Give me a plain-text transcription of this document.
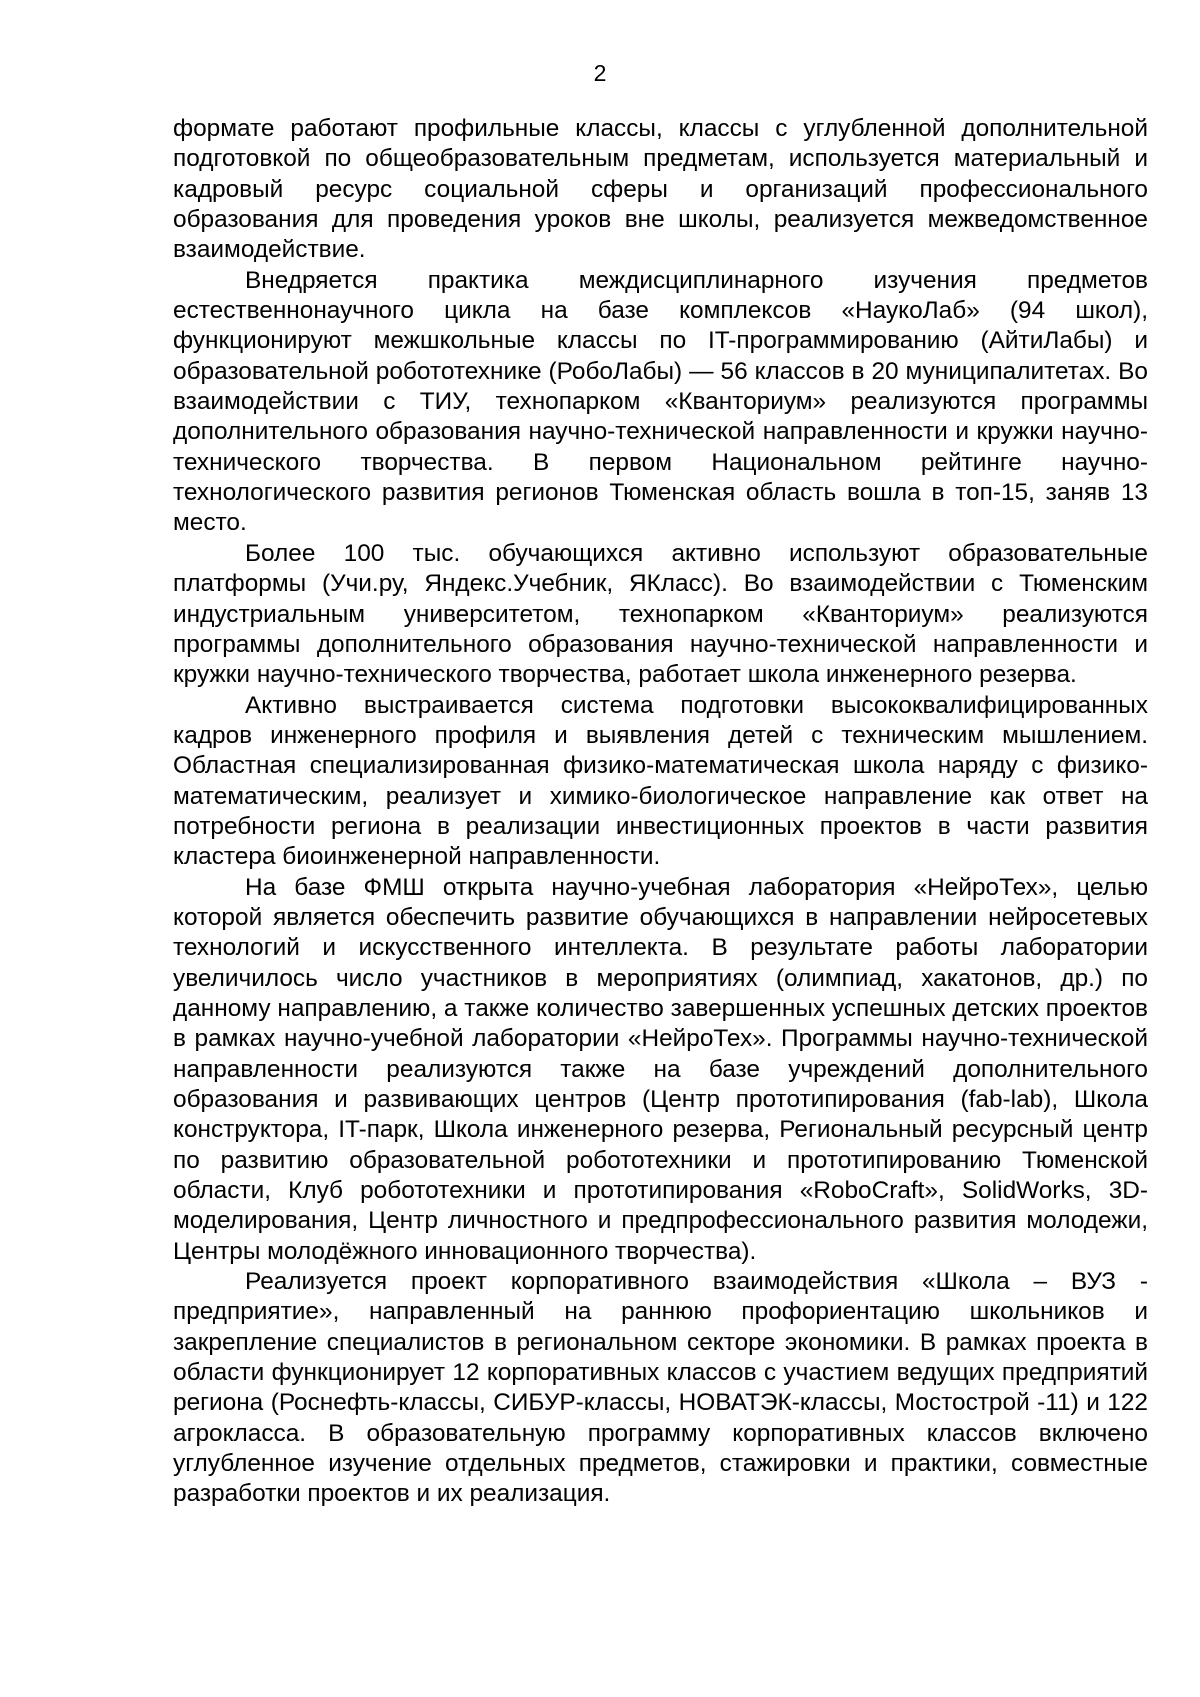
2

формате работают профильные классы, классы с углубленной дополнительной подготовкой по общеобразовательным предметам, используется материальный и кадровый ресурс социальной сферы и организаций профессионального образования для проведения уроков вне школы, реализуется межведомственное взаимодействие.

Внедряется практика междисциплинарного изучения предметов естественнонаучного цикла на базе комплексов «НаукоЛаб» (94 школ), функционируют межшкольные классы по IT-программированию (АйтиЛабы) и образовательной робототехнике (РобоЛабы) — 56 классов в 20 муниципалитетах. Во взаимодействии с ТИУ, технопарком «Кванториум» реализуются программы дополнительного образования научно-технической направленности и кружки научно-технического творчества. В первом Национальном рейтинге научно-технологического развития регионов Тюменская область вошла в топ-15, заняв 13 место.

Более 100 тыс. обучающихся активно используют образовательные платформы (Учи.ру, Яндекс.Учебник, ЯКласс). Во взаимодействии с Тюменским индустриальным университетом, технопарком «Кванториум» реализуются программы дополнительного образования научно-технической направленности и кружки научно-технического творчества, работает школа инженерного резерва.

Активно выстраивается система подготовки высококвалифицированных кадров инженерного профиля и выявления детей с техническим мышлением. Областная специализированная физико-математическая школа наряду с физико-математическим, реализует и химико-биологическое направление как ответ на потребности региона в реализации инвестиционных проектов в части развития кластера биоинженерной направленности.

На базе ФМШ открыта научно-учебная лаборатория «НейроТех», целью которой является обеспечить развитие обучающихся в направлении нейросетевых технологий и искусственного интеллекта. В результате работы лаборатории увеличилось число участников в мероприятиях (олимпиад, хакатонов, др.) по данному направлению, а также количество завершенных успешных детских проектов в рамках научно-учебной лаборатории «НейроТех». Программы научно-технической направленности реализуются также на базе учреждений дополнительного образования и развивающих центров (Центр прототипирования (fab-lab), Школа конструктора, IT-парк, Школа инженерного резерва, Региональный ресурсный центр по развитию образовательной робототехники и прототипированию Тюменской области, Клуб робототехники и прототипирования «RoboCraft», SolidWorks, 3D-моделирования, Центр личностного и предпрофессионального развития молодежи, Центры молодёжного инновационного творчества).

Реализуется проект корпоративного взаимодействия «Школа – ВУЗ - предприятие», направленный на раннюю профориентацию школьников и закрепление специалистов в региональном секторе экономики. В рамках проекта в области функционирует 12 корпоративных классов с участием ведущих предприятий региона (Роснефть-классы, СИБУР-классы, НОВАТЭК-классы, Мостострой -11) и 122 агрокласса. В образовательную программу корпоративных классов включено углубленное изучение отдельных предметов, стажировки и практики, совместные разработки проектов и их реализация.
